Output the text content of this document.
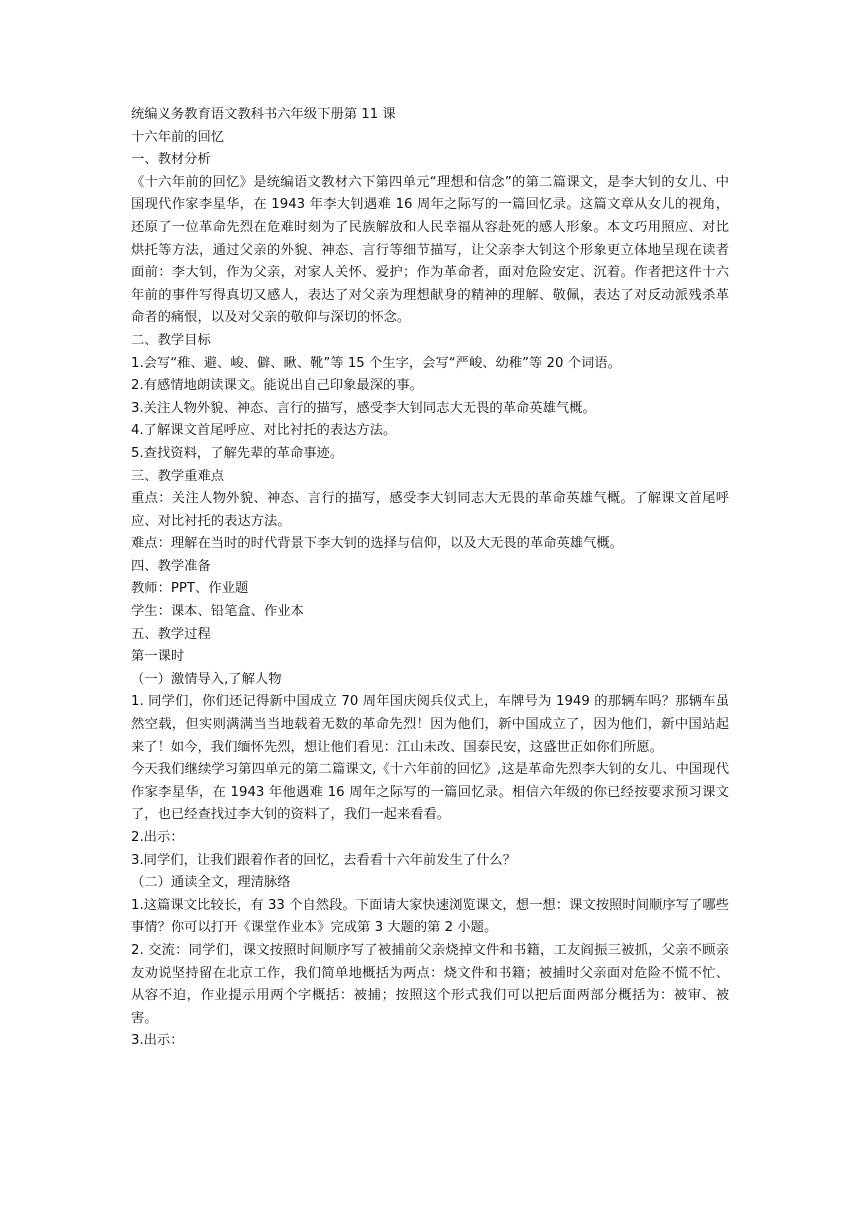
统编义务教育语文教科书六年级下册第 11 课
十六年前的回忆
一、教材分析
《十六年前的回忆》是统编语文教材六下第四单元“理想和信念”的第二篇课文，是李大钊的女儿、中国现代作家李星华，在 1943 年李大钊遇难 16 周年之际写的一篇回忆录。这篇文章从女儿的视角，还原了一位革命先烈在危难时刻为了民族解放和人民幸福从容赴死的感人形象。本文巧用照应、对比烘托等方法，通过父亲的外貌、神态、言行等细节描写，让父亲李大钊这个形象更立体地呈现在读者面前：李大钊，作为父亲，对家人关怀、爱护；作为革命者，面对危险安定、沉着。作者把这件十六年前的事件写得真切又感人，表达了对父亲为理想献身的精神的理解、敬佩，表达了对反动派残杀革命者的痛恨，以及对父亲的敬仰与深切的怀念。
二、教学目标
1.会写“稚、避、峻、僻、瞅、靴”等 15 个生字，会写“严峻、幼稚”等 20 个词语。
2.有感情地朗读课文。能说出自己印象最深的事。
3.关注人物外貌、神态、言行的描写，感受李大钊同志大无畏的革命英雄气概。
4.了解课文首尾呼应、对比衬托的表达方法。
5.查找资料，了解先辈的革命事迹。
三、教学重难点
重点：关注人物外貌、神态、言行的描写，感受李大钊同志大无畏的革命英雄气概。了解课文首尾呼应、对比衬托的表达方法。
难点：理解在当时的时代背景下李大钊的选择与信仰，以及大无畏的革命英雄气概。
四、教学准备
教师：PPT、作业题
学生：课本、铅笔盒、作业本
五、教学过程
第一课时
（一）激情导入,了解人物
1. 同学们，你们还记得新中国成立 70 周年国庆阅兵仪式上，车牌号为 1949 的那辆车吗？那辆车虽然空载，但实则满满当当地载着无数的革命先烈！因为他们，新中国成立了，因为他们，新中国站起来了！如今，我们缅怀先烈，想让他们看见：江山未改、国泰民安，这盛世正如你们所愿。
今天我们继续学习第四单元的第二篇课文,《十六年前的回忆》,这是革命先烈李大钊的女儿、中国现代作家李星华，在 1943 年他遇难 16 周年之际写的一篇回忆录。相信六年级的你已经按要求预习课文了，也已经查找过李大钊的资料了，我们一起来看看。
2.出示：
3.同学们，让我们跟着作者的回忆，去看看十六年前发生了什么？
（二）通读全文，理清脉络
1.这篇课文比较长，有 33 个自然段。下面请大家快速浏览课文，想一想：课文按照时间顺序写了哪些事情？你可以打开《课堂作业本》完成第 3 大题的第 2 小题。
2. 交流：同学们，课文按照时间顺序写了被捕前父亲烧掉文件和书籍，工友阎振三被抓，父亲不顾亲友劝说坚持留在北京工作，我们简单地概括为两点：烧文件和书籍；被捕时父亲面对危险不慌不忙、从容不迫，作业提示用两个字概括：被捕；按照这个形式我们可以把后面两部分概括为：被审、被害。
3.出示：
